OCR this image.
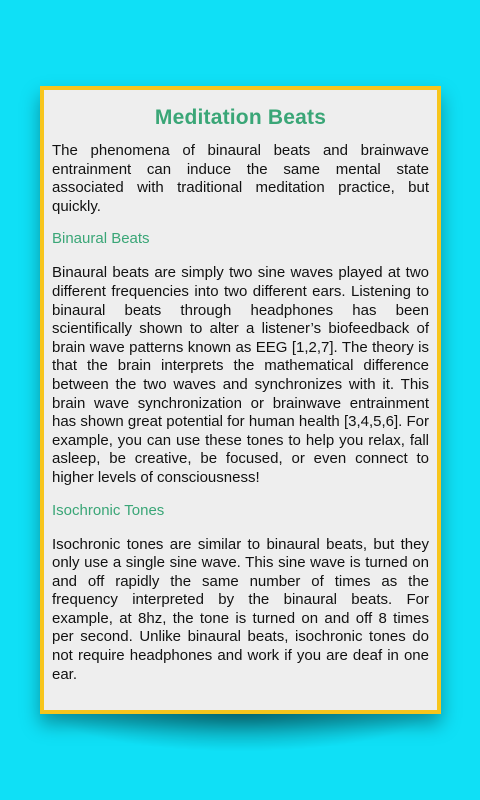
Meditation Beats

The phenomena of binaural beats and brainwave entrainment can induce the same mental state associated with traditional meditation practice, but quickly.

Binaural Beats

Binaural beats are simply two sine waves played at two different frequencies into two different ears. Listening to binaural beats through headphones has been scientifically shown to alter a listener’s biofeedback of brain wave patterns known as EEG [1,2,7]. The theory is that the brain interprets the mathematical difference between the two waves and synchronizes with it. This brain wave synchronization or brainwave entrainment has shown great potential for human health [3,4,5,6]. For example, you can use these tones to help you relax, fall asleep, be creative, be focused, or even connect to higher levels of consciousness!

Isochronic Tones

Isochronic tones are similar to binaural beats, but they only use a single sine wave. This sine wave is turned on and off rapidly the same number of times as the frequency interpreted by the binaural beats. For example, at 8hz, the tone is turned on and off 8 times per second. Unlike binaural beats, isochronic tones do not require headphones and work if you are deaf in one ear.
